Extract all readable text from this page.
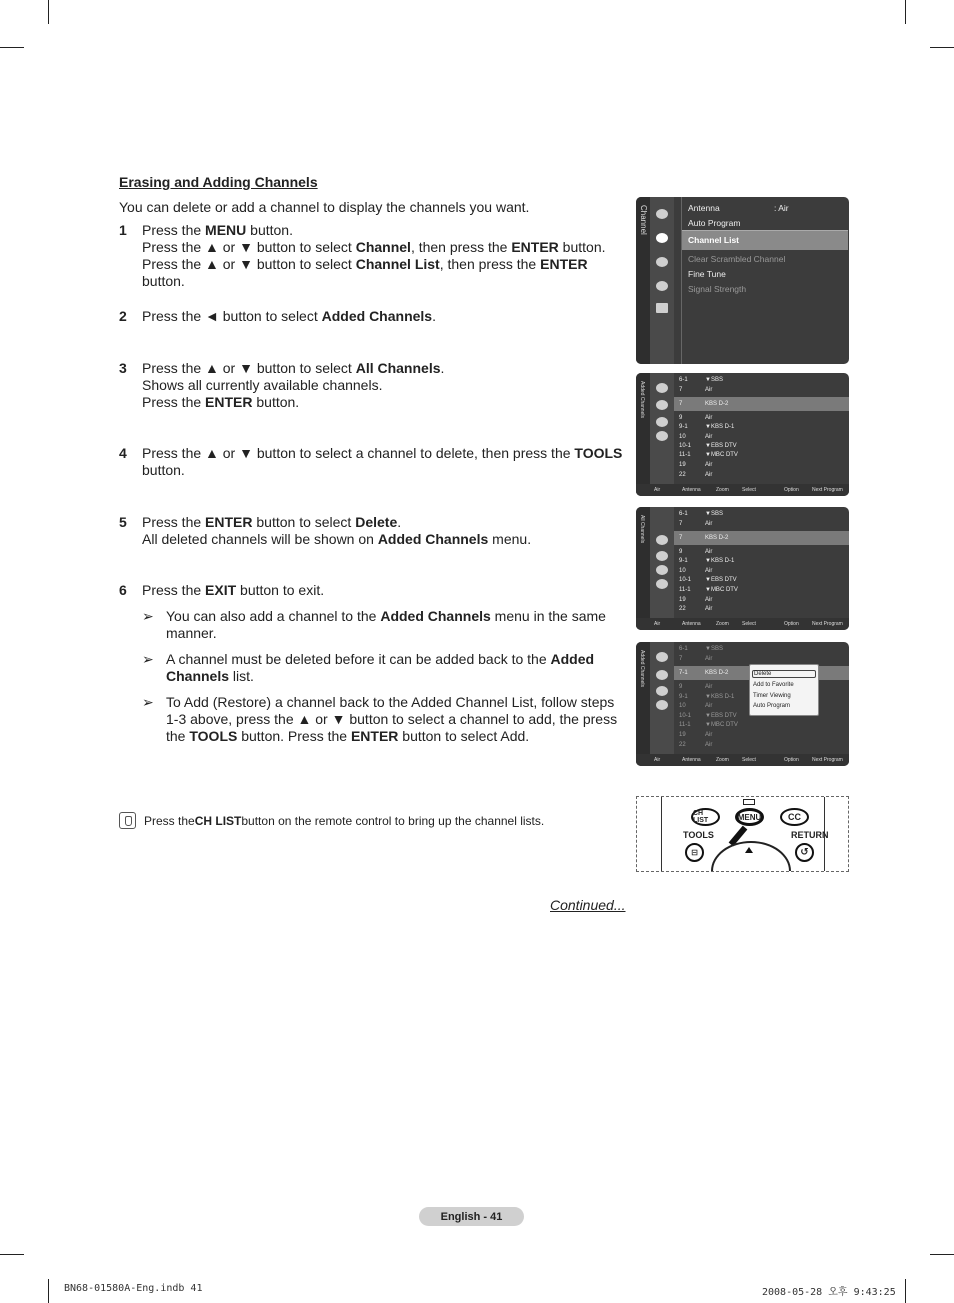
Erasing and Adding Channels
You can delete or add a channel to display the channels you want.
1 Press the MENU button.
Press the ▲ or ▼ button to select Channel, then press the ENTER button.
Press the ▲ or ▼ button to select Channel List, then press the ENTER button.
2 Press the ◄ button to select Added Channels.
3 Press the ▲ or ▼ button to select All Channels.
Shows all currently available channels.
Press the ENTER button.
4 Press the ▲ or ▼ button to select a channel to delete, then press the TOOLS button.
5 Press the ENTER button to select Delete.
All deleted channels will be shown on Added Channels menu.
6 Press the EXIT button to exit.
➢ You can also add a channel to the Added Channels menu in the same manner.
➢ A channel must be deleted before it can be added back to the Added Channels list.
➢ To Add (Restore) a channel back to the Added Channel List, follow steps 1-3 above, press the ▲ or ▼ button to select a channel to add, the press the TOOLS button. Press the ENTER button to select Add.
Press the CH LIST button on the remote control to bring up the channel lists.
Continued...
Channel	Antenna	: Air
Auto Program
Channel List
Clear Scrambled Channel
Fine Tune
Signal Strength
Added Channels
6-1	▼SBS
7	Air
7	KBS D-2
9	Air
9-1	▼KBS D-1
10	Air
10-1	▼EBS DTV
11-1	▼MBC DTV
19	Air
22	Air
Air	Antenna	Zoom	Select	Option	Next Program
All Channels
6-1	▼SBS
7	Air
7	KBS D-2
9	Air
9-1	▼KBS D-1
10	Air
10-1	▼EBS DTV
11-1	▼MBC DTV
19	Air
22	Air
Air	Antenna	Zoom	Select	Option	Next Program
Added Channels
6-1	▼SBS
7	Air
7-1	KBS D-2
9	Air
9-1	▼KBS D-1
10	Air
10-1	▼EBS DTV
11-1	▼MBC DTV
19	Air
22	Air
Air	Antenna	Zoom	Select	Option	Next Program
Delete
Add to Favorite
Timer Viewing
Auto Program
CH LIST	MENU	CC
TOOLS	RETURN
⊟	↺
English - 41
BN68-01580A-Eng.indb 41	2008-05-28 오후 9:43:25
